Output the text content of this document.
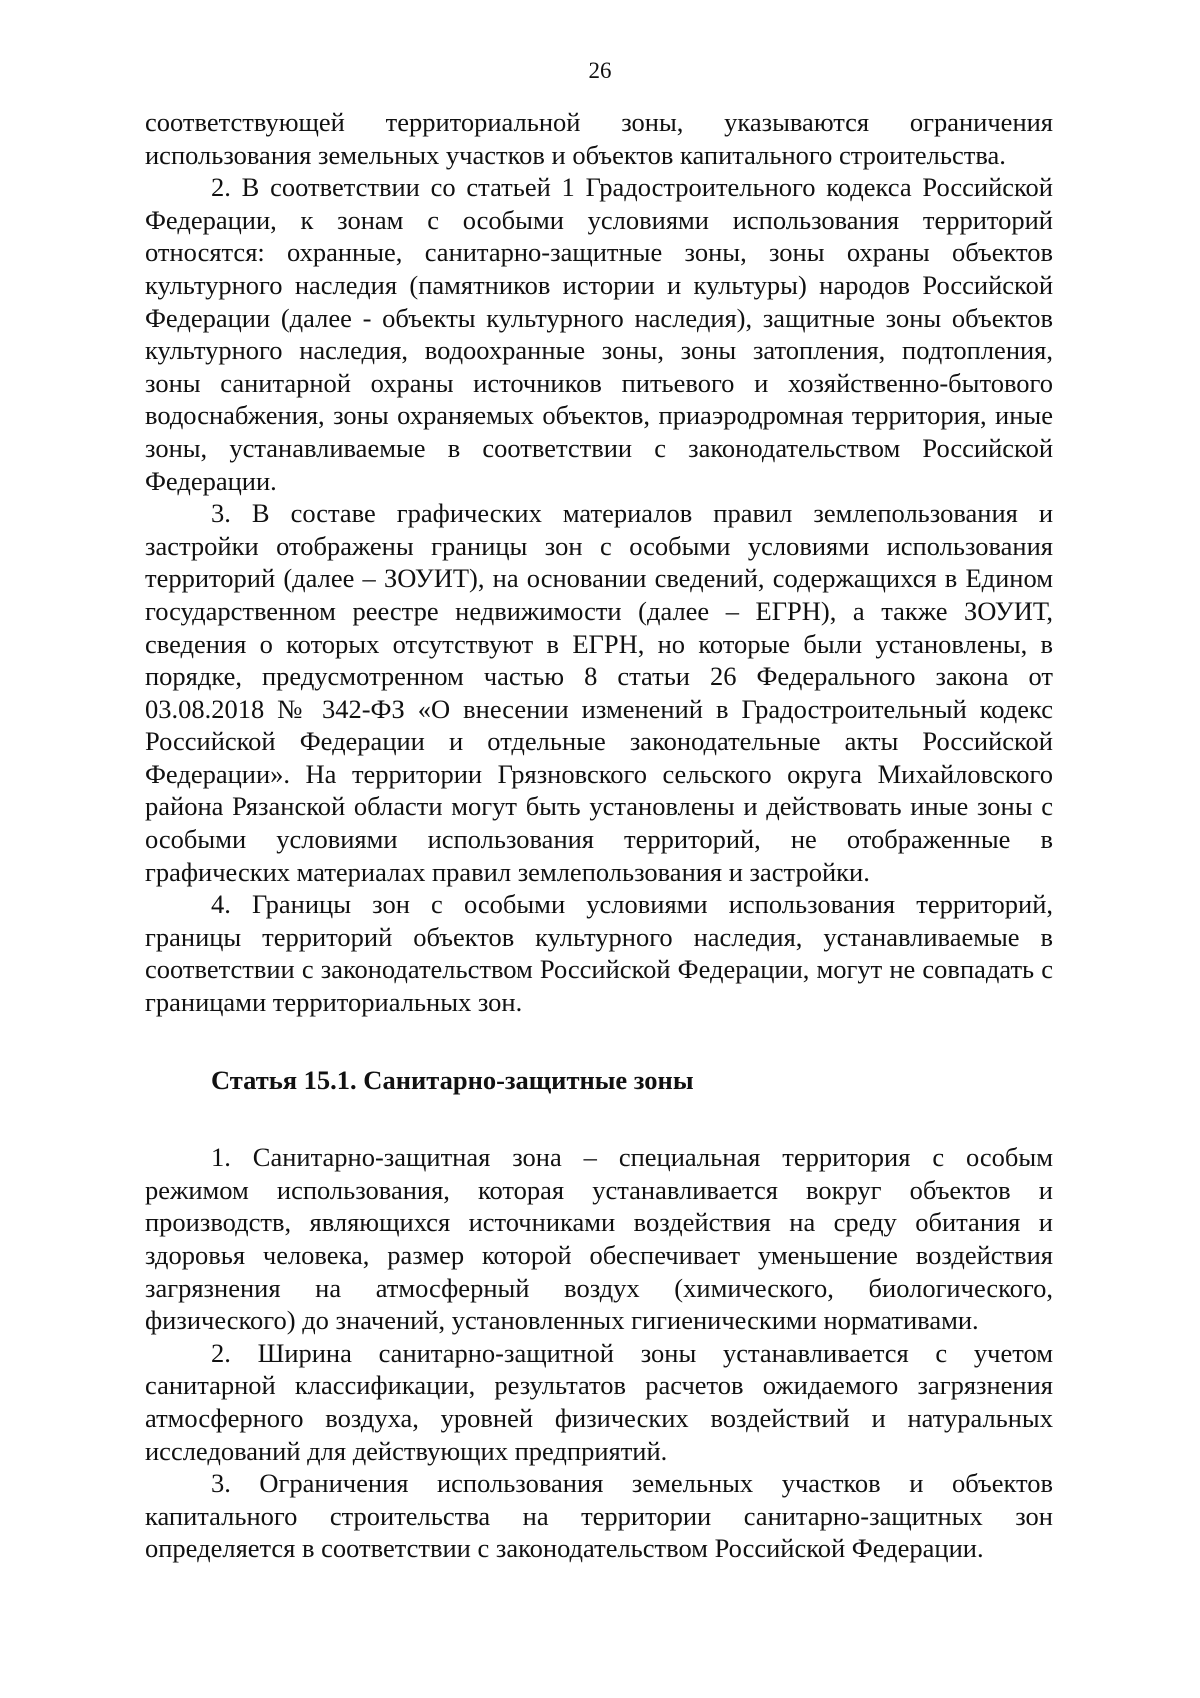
26

соответствующей территориальной зоны, указываются ограничения использования земельных участков и объектов капитального строительства.

2. В соответствии со статьей 1 Градостроительного кодекса Российской Федерации, к зонам с особыми условиями использования территорий относятся: охранные, санитарно-защитные зоны, зоны охраны объектов культурного наследия (памятников истории и культуры) народов Российской Федерации (далее - объекты культурного наследия), защитные зоны объектов культурного наследия, водоохранные зоны, зоны затопления, подтопления, зоны санитарной охраны источников питьевого и хозяйственно-бытового водоснабжения, зоны охраняемых объектов, приаэродромная территория, иные зоны, устанавливаемые в соответствии с законодательством Российской Федерации.

3. В составе графических материалов правил землепользования и застройки отображены границы зон с особыми условиями использования территорий (далее – ЗОУИТ), на основании сведений, содержащихся в Едином государственном реестре недвижимости (далее – ЕГРН), а также ЗОУИТ, сведения о которых отсутствуют в ЕГРН, но которые были установлены, в порядке, предусмотренном частью 8 статьи 26 Федерального закона от 03.08.2018 № 342-ФЗ «О внесении изменений в Градостроительный кодекс Российской Федерации и отдельные законодательные акты Российской Федерации». На территории Грязновского сельского округа Михайловского района Рязанской области могут быть установлены и действовать иные зоны с особыми условиями использования территорий, не отображенные в графических материалах правил землепользования и застройки.

4. Границы зон с особыми условиями использования территорий, границы территорий объектов культурного наследия, устанавливаемые в соответствии с законодательством Российской Федерации, могут не совпадать с границами территориальных зон.

Статья 15.1. Санитарно-защитные зоны

1. Санитарно-защитная зона – специальная территория с особым режимом использования, которая устанавливается вокруг объектов и производств, являющихся источниками воздействия на среду обитания и здоровья человека, размер которой обеспечивает уменьшение воздействия загрязнения на атмосферный воздух (химического, биологического, физического) до значений, установленных гигиеническими нормативами.

2. Ширина санитарно-защитной зоны устанавливается с учетом санитарной классификации, результатов расчетов ожидаемого загрязнения атмосферного воздуха, уровней физических воздействий и натуральных исследований для действующих предприятий.

3. Ограничения использования земельных участков и объектов капитального строительства на территории санитарно-защитных зон определяется в соответствии с законодательством Российской Федерации.
